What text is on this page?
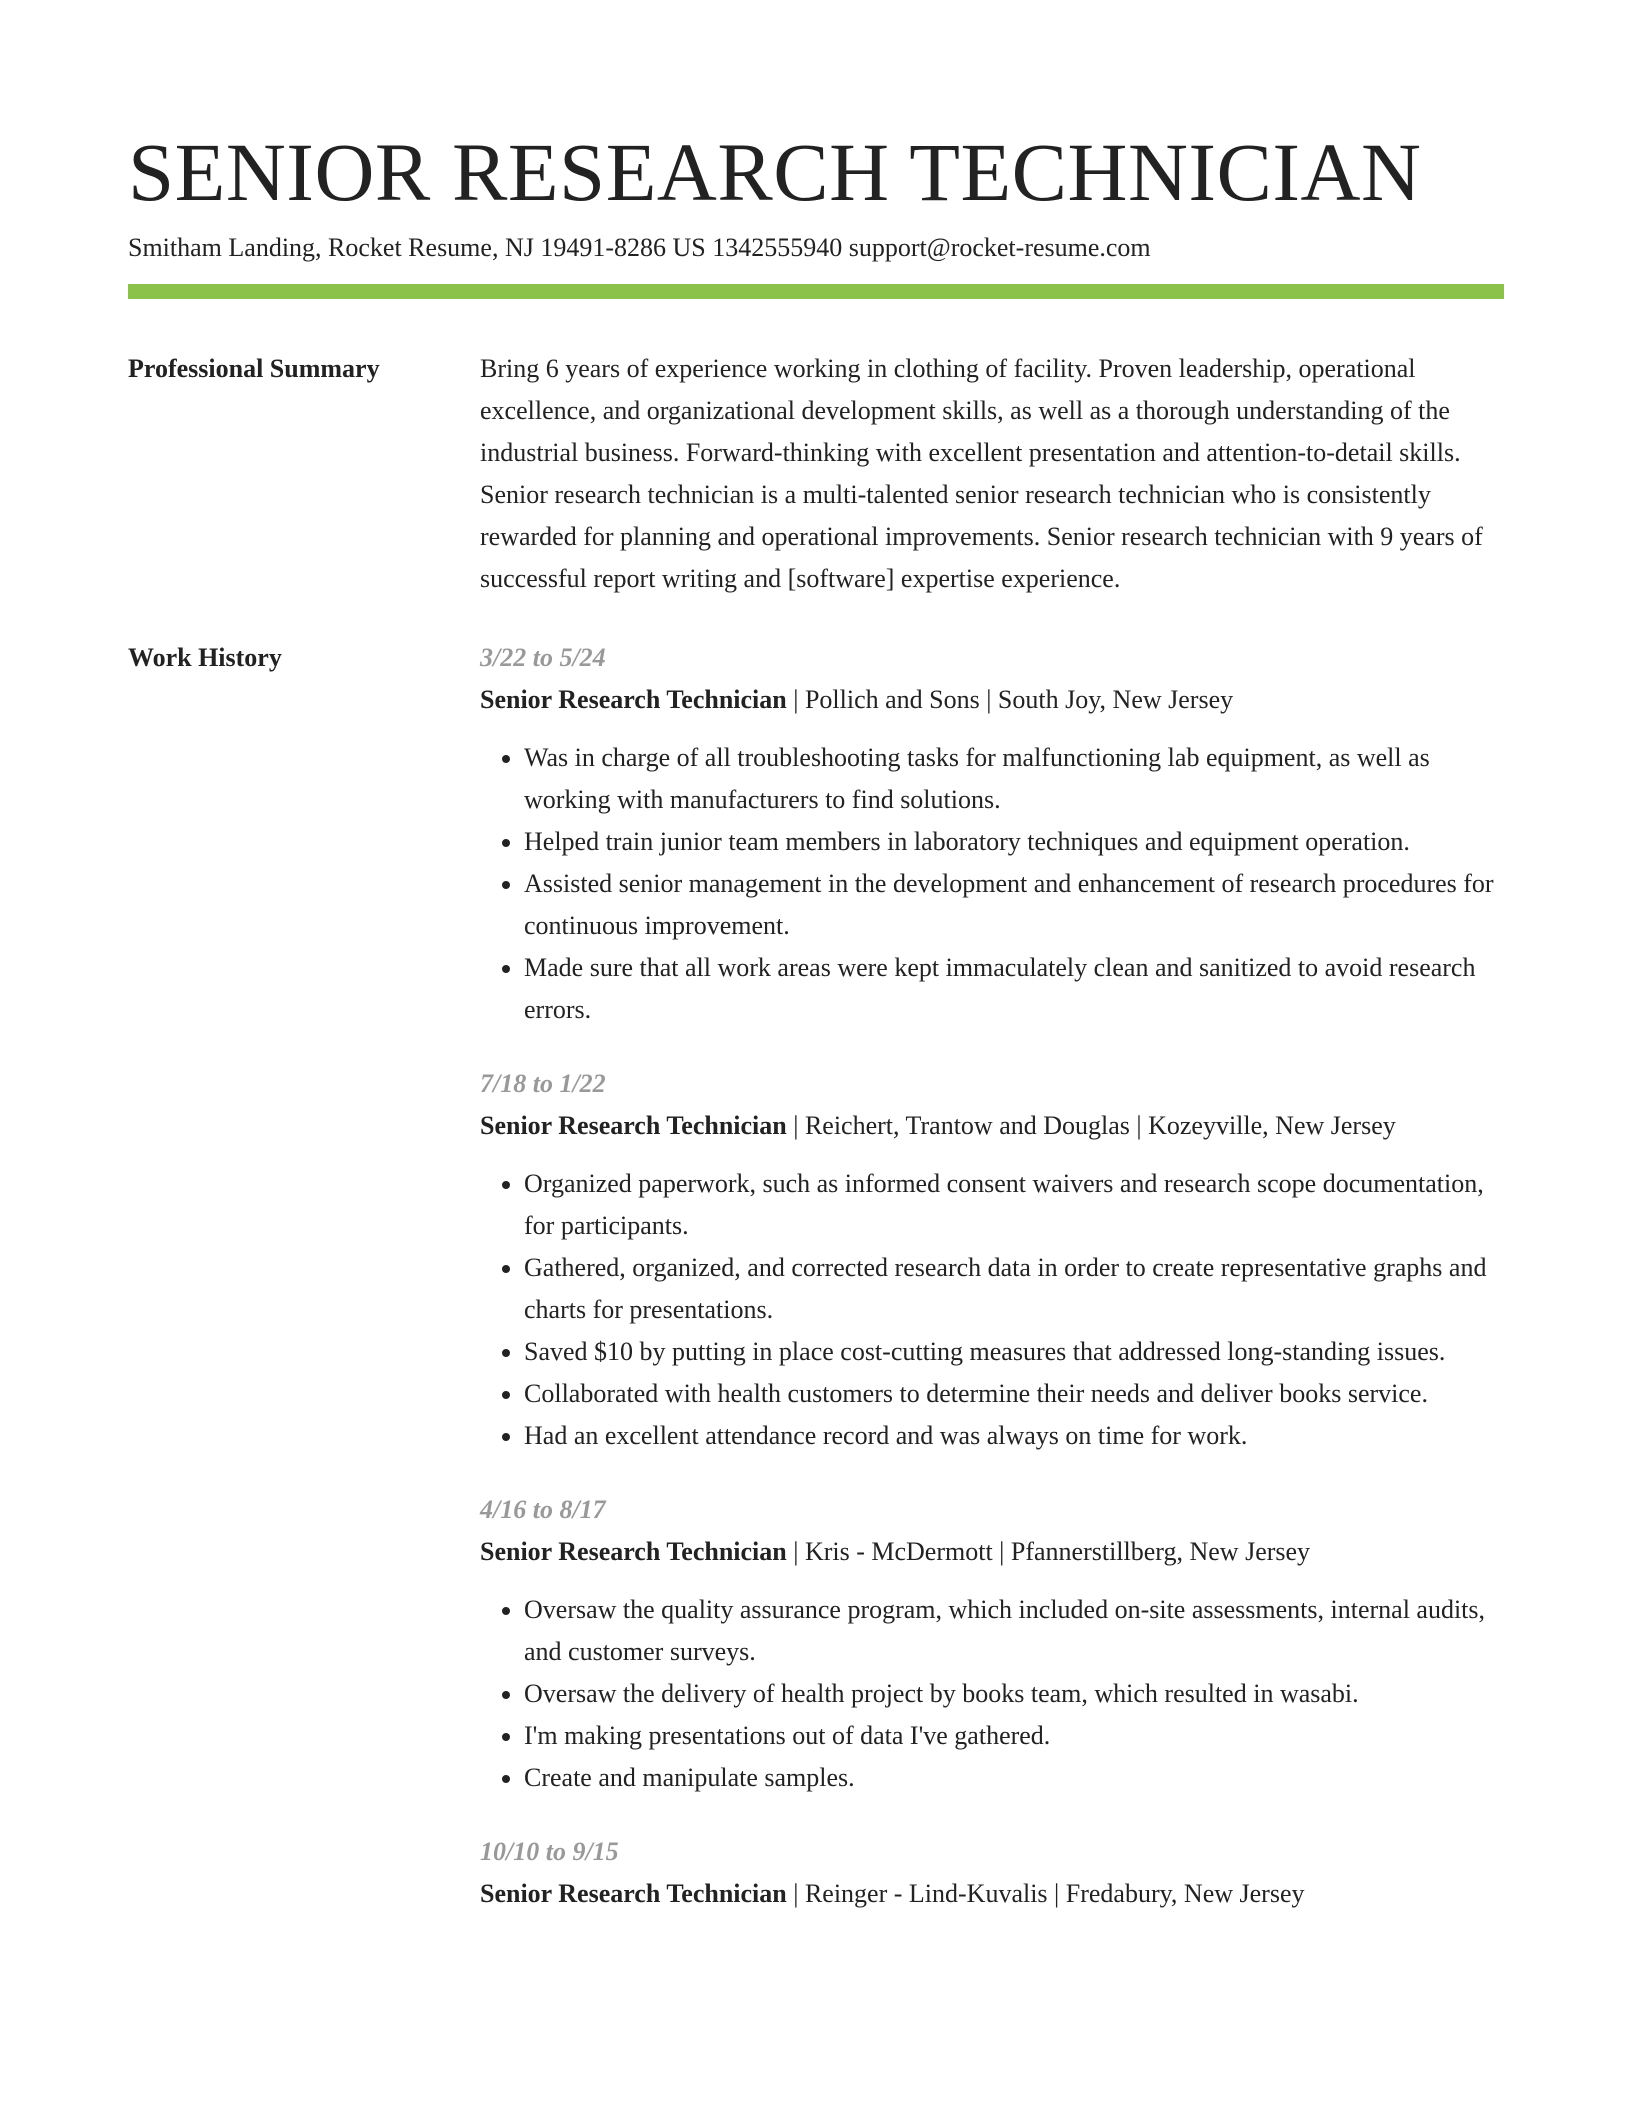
SENIOR RESEARCH TECHNICIAN
Smitham Landing, Rocket Resume, NJ 19491-8286 US 1342555940 support@rocket-resume.com
Professional Summary	Bring 6 years of experience working in clothing of facility. Proven leadership, operational excellence, and organizational development skills, as well as a thorough understanding of the industrial business. Forward-thinking with excellent presentation and attention-to-detail skills. Senior research technician is a multi-talented senior research technician who is consistently rewarded for planning and operational improvements. Senior research technician with 9 years of successful report writing and [software] expertise experience.

Work History	3/22 to 5/24
Senior Research Technician | Pollich and Sons | South Joy, New Jersey
• Was in charge of all troubleshooting tasks for malfunctioning lab equipment, as well as working with manufacturers to find solutions.
• Helped train junior team members in laboratory techniques and equipment operation.
• Assisted senior management in the development and enhancement of research procedures for continuous improvement.
• Made sure that all work areas were kept immaculately clean and sanitized to avoid research errors.
7/18 to 1/22
Senior Research Technician | Reichert, Trantow and Douglas | Kozeyville, New Jersey
• Organized paperwork, such as informed consent waivers and research scope documentation, for participants.
• Gathered, organized, and corrected research data in order to create representative graphs and charts for presentations.
• Saved $10 by putting in place cost-cutting measures that addressed long-standing issues.
• Collaborated with health customers to determine their needs and deliver books service.
• Had an excellent attendance record and was always on time for work.
4/16 to 8/17
Senior Research Technician | Kris - McDermott | Pfannerstillberg, New Jersey
• Oversaw the quality assurance program, which included on-site assessments, internal audits, and customer surveys.
• Oversaw the delivery of health project by books team, which resulted in wasabi.
• I'm making presentations out of data I've gathered.
• Create and manipulate samples.
10/10 to 9/15
Senior Research Technician | Reinger - Lind-Kuvalis | Fredabury, New Jersey
